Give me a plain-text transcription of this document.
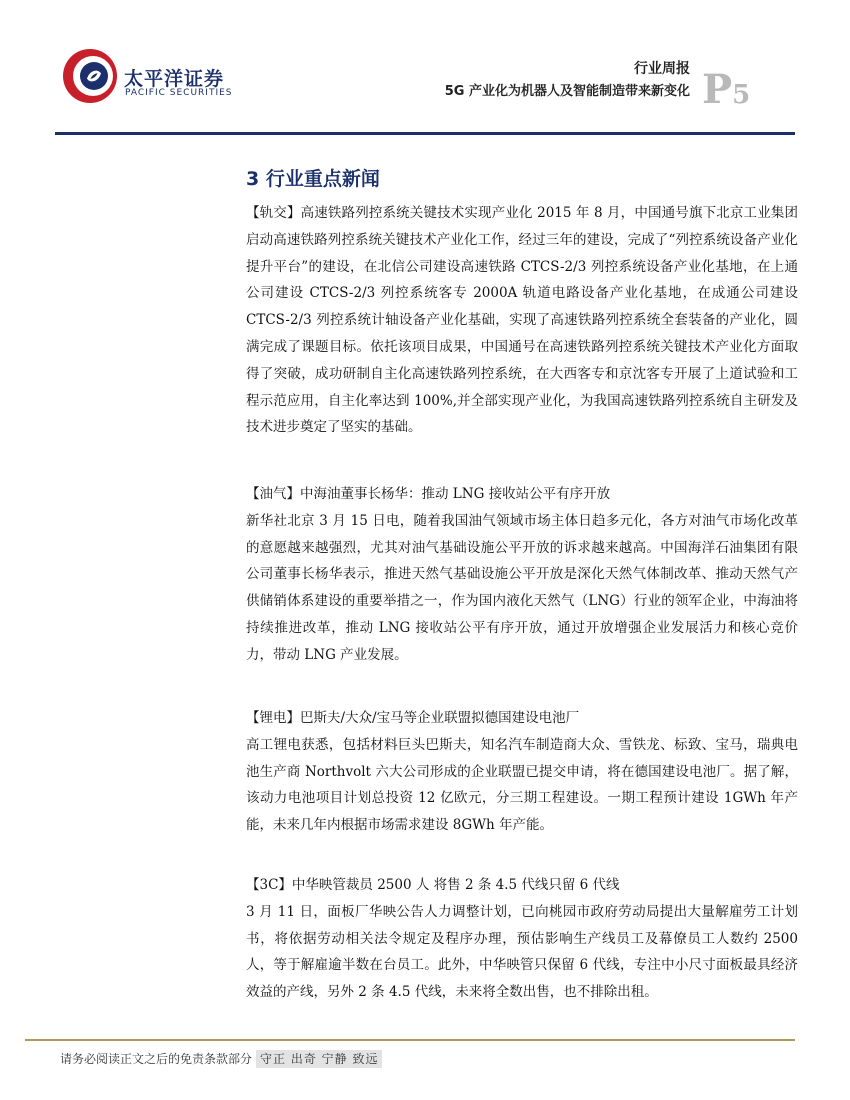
太平洋证券
PACIFIC SECURITIES
行业周报
5G 产业化为机器人及智能制造带来新变化 P5
3 行业重点新闻

【轨交】高速铁路列控系统关键技术实现产业化 2015 年 8 月，中国通号旗下北京工业集团启动高速铁路列控系统关键技术产业化工作，经过三年的建设，完成了“列控系统设备产业化提升平台”的建设，在北信公司建设高速铁路 CTCS-2/3 列控系统设备产业化基地，在上通公司建设 CTCS-2/3 列控系统客专 2000A 轨道电路设备产业化基地，在成通公司建设 CTCS-2/3 列控系统计轴设备产业化基础，实现了高速铁路列控系统全套装备的产业化，圆满完成了课题目标。依托该项目成果，中国通号在高速铁路列控系统关键技术产业化方面取得了突破，成功研制自主化高速铁路列控系统，在大西客专和京沈客专开展了上道试验和工程示范应用，自主化率达到 100%,并全部实现产业化，为我国高速铁路列控系统自主研发及技术进步奠定了坚实的基础。

【油气】中海油董事长杨华：推动 LNG 接收站公平有序开放

新华社北京 3 月 15 日电，随着我国油气领域市场主体日趋多元化，各方对油气市场化改革的意愿越来越强烈，尤其对油气基础设施公平开放的诉求越来越高。中国海洋石油集团有限公司董事长杨华表示，推进天然气基础设施公平开放是深化天然气体制改革、推动天然气产供储销体系建设的重要举措之一，作为国内液化天然气（LNG）行业的领军企业，中海油将持续推进改革，推动 LNG 接收站公平有序开放，通过开放增强企业发展活力和核心竞价力，带动 LNG 产业发展。

【锂电】巴斯夫/大众/宝马等企业联盟拟德国建设电池厂

高工锂电获悉，包括材料巨头巴斯夫，知名汽车制造商大众、雪铁龙、标致、宝马，瑞典电池生产商 Northvolt 六大公司形成的企业联盟已提交申请，将在德国建设电池厂。据了解，该动力电池项目计划总投资 12 亿欧元，分三期工程建设。一期工程预计建设 1GWh 年产能，未来几年内根据市场需求建设 8GWh 年产能。

【3C】中华映管裁员 2500 人 将售 2 条 4.5 代线只留 6 代线

3 月 11 日，面板厂华映公告人力调整计划，已向桃园市政府劳动局提出大量解雇劳工计划书，将依据劳动相关法令规定及程序办理，预估影响生产线员工及幕僚员工人数约 2500 人，等于解雇逾半数在台员工。此外，中华映管只保留 6 代线，专注中小尺寸面板最具经济效益的产线，另外 2 条 4.5 代线，未来将全数出售，也不排除出租。

请务必阅读正文之后的免责条款部分 守正 出奇 宁静 致远
